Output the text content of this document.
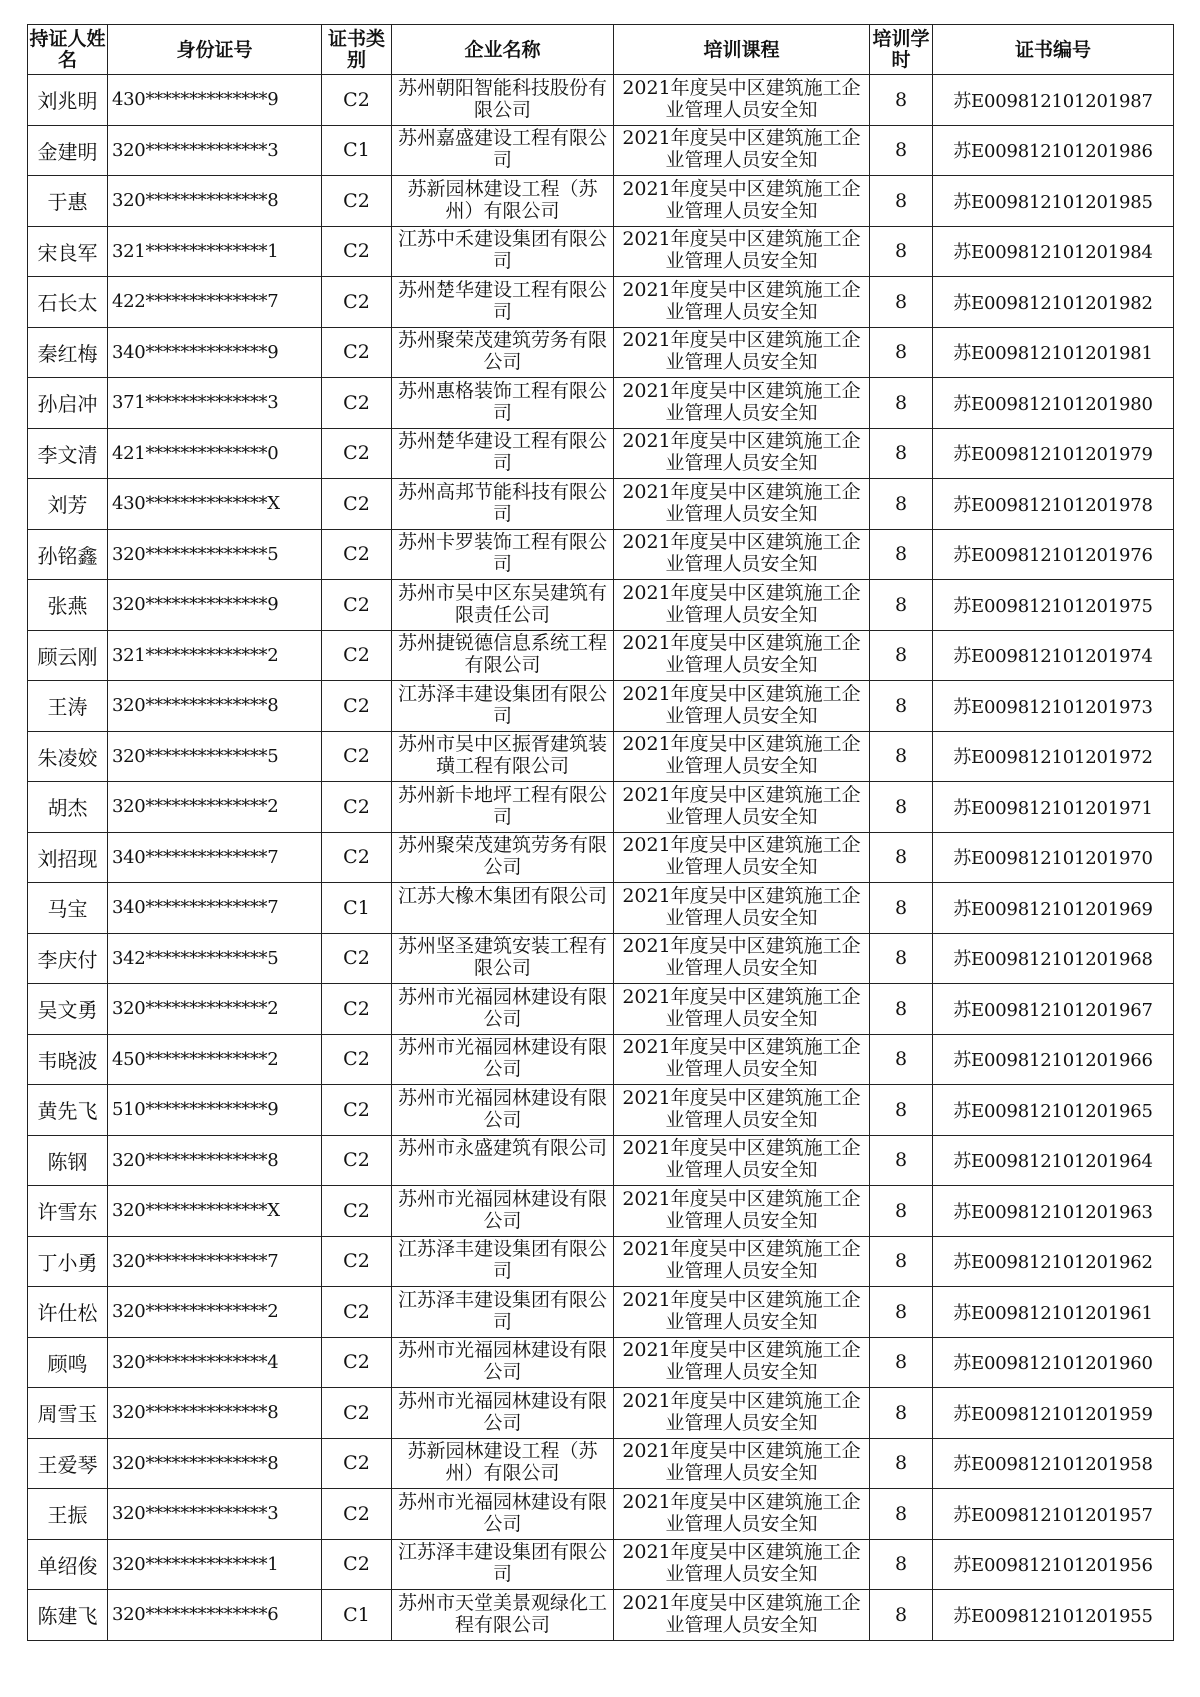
持证人姓名	身份证号	证书类别	企业名称	培训课程	培训学时	证书编号
刘兆明	430**************9	C2	苏州朝阳智能科技股份有限公司	2021年度吴中区建筑施工企业管理人员安全知	8	苏E009812101201987
金建明	320**************3	C1	苏州嘉盛建设工程有限公司	2021年度吴中区建筑施工企业管理人员安全知	8	苏E009812101201986
于惠	320**************8	C2	苏新园林建设工程（苏州）有限公司	2021年度吴中区建筑施工企业管理人员安全知	8	苏E009812101201985
宋良军	321**************1	C2	江苏中禾建设集团有限公司	2021年度吴中区建筑施工企业管理人员安全知	8	苏E009812101201984
石长太	422**************7	C2	苏州楚华建设工程有限公司	2021年度吴中区建筑施工企业管理人员安全知	8	苏E009812101201982
秦红梅	340**************9	C2	苏州聚荣茂建筑劳务有限公司	2021年度吴中区建筑施工企业管理人员安全知	8	苏E009812101201981
孙启冲	371**************3	C2	苏州惠格装饰工程有限公司	2021年度吴中区建筑施工企业管理人员安全知	8	苏E009812101201980
李文清	421**************0	C2	苏州楚华建设工程有限公司	2021年度吴中区建筑施工企业管理人员安全知	8	苏E009812101201979
刘芳	430**************X	C2	苏州高邦节能科技有限公司	2021年度吴中区建筑施工企业管理人员安全知	8	苏E009812101201978
孙铭鑫	320**************5	C2	苏州卡罗装饰工程有限公司	2021年度吴中区建筑施工企业管理人员安全知	8	苏E009812101201976
张燕	320**************9	C2	苏州市吴中区东吴建筑有限责任公司	2021年度吴中区建筑施工企业管理人员安全知	8	苏E009812101201975
顾云刚	321**************2	C2	苏州捷锐德信息系统工程有限公司	2021年度吴中区建筑施工企业管理人员安全知	8	苏E009812101201974
王涛	320**************8	C2	江苏泽丰建设集团有限公司	2021年度吴中区建筑施工企业管理人员安全知	8	苏E009812101201973
朱凌姣	320**************5	C2	苏州市吴中区振胥建筑装璜工程有限公司	2021年度吴中区建筑施工企业管理人员安全知	8	苏E009812101201972
胡杰	320**************2	C2	苏州新卡地坪工程有限公司	2021年度吴中区建筑施工企业管理人员安全知	8	苏E009812101201971
刘招现	340**************7	C2	苏州聚荣茂建筑劳务有限公司	2021年度吴中区建筑施工企业管理人员安全知	8	苏E009812101201970
马宝	340**************7	C1	江苏大橡木集团有限公司	2021年度吴中区建筑施工企业管理人员安全知	8	苏E009812101201969
李庆付	342**************5	C2	苏州坚圣建筑安装工程有限公司	2021年度吴中区建筑施工企业管理人员安全知	8	苏E009812101201968
吴文勇	320**************2	C2	苏州市光福园林建设有限公司	2021年度吴中区建筑施工企业管理人员安全知	8	苏E009812101201967
韦晓波	450**************2	C2	苏州市光福园林建设有限公司	2021年度吴中区建筑施工企业管理人员安全知	8	苏E009812101201966
黄先飞	510**************9	C2	苏州市光福园林建设有限公司	2021年度吴中区建筑施工企业管理人员安全知	8	苏E009812101201965
陈钢	320**************8	C2	苏州市永盛建筑有限公司	2021年度吴中区建筑施工企业管理人员安全知	8	苏E009812101201964
许雪东	320**************X	C2	苏州市光福园林建设有限公司	2021年度吴中区建筑施工企业管理人员安全知	8	苏E009812101201963
丁小勇	320**************7	C2	江苏泽丰建设集团有限公司	2021年度吴中区建筑施工企业管理人员安全知	8	苏E009812101201962
许仕松	320**************2	C2	江苏泽丰建设集团有限公司	2021年度吴中区建筑施工企业管理人员安全知	8	苏E009812101201961
顾鸣	320**************4	C2	苏州市光福园林建设有限公司	2021年度吴中区建筑施工企业管理人员安全知	8	苏E009812101201960
周雪玉	320**************8	C2	苏州市光福园林建设有限公司	2021年度吴中区建筑施工企业管理人员安全知	8	苏E009812101201959
王爱琴	320**************8	C2	苏新园林建设工程（苏州）有限公司	2021年度吴中区建筑施工企业管理人员安全知	8	苏E009812101201958
王振	320**************3	C2	苏州市光福园林建设有限公司	2021年度吴中区建筑施工企业管理人员安全知	8	苏E009812101201957
单绍俊	320**************1	C2	江苏泽丰建设集团有限公司	2021年度吴中区建筑施工企业管理人员安全知	8	苏E009812101201956
陈建飞	320**************6	C1	苏州市天堂美景观绿化工程有限公司	2021年度吴中区建筑施工企业管理人员安全知	8	苏E009812101201955
